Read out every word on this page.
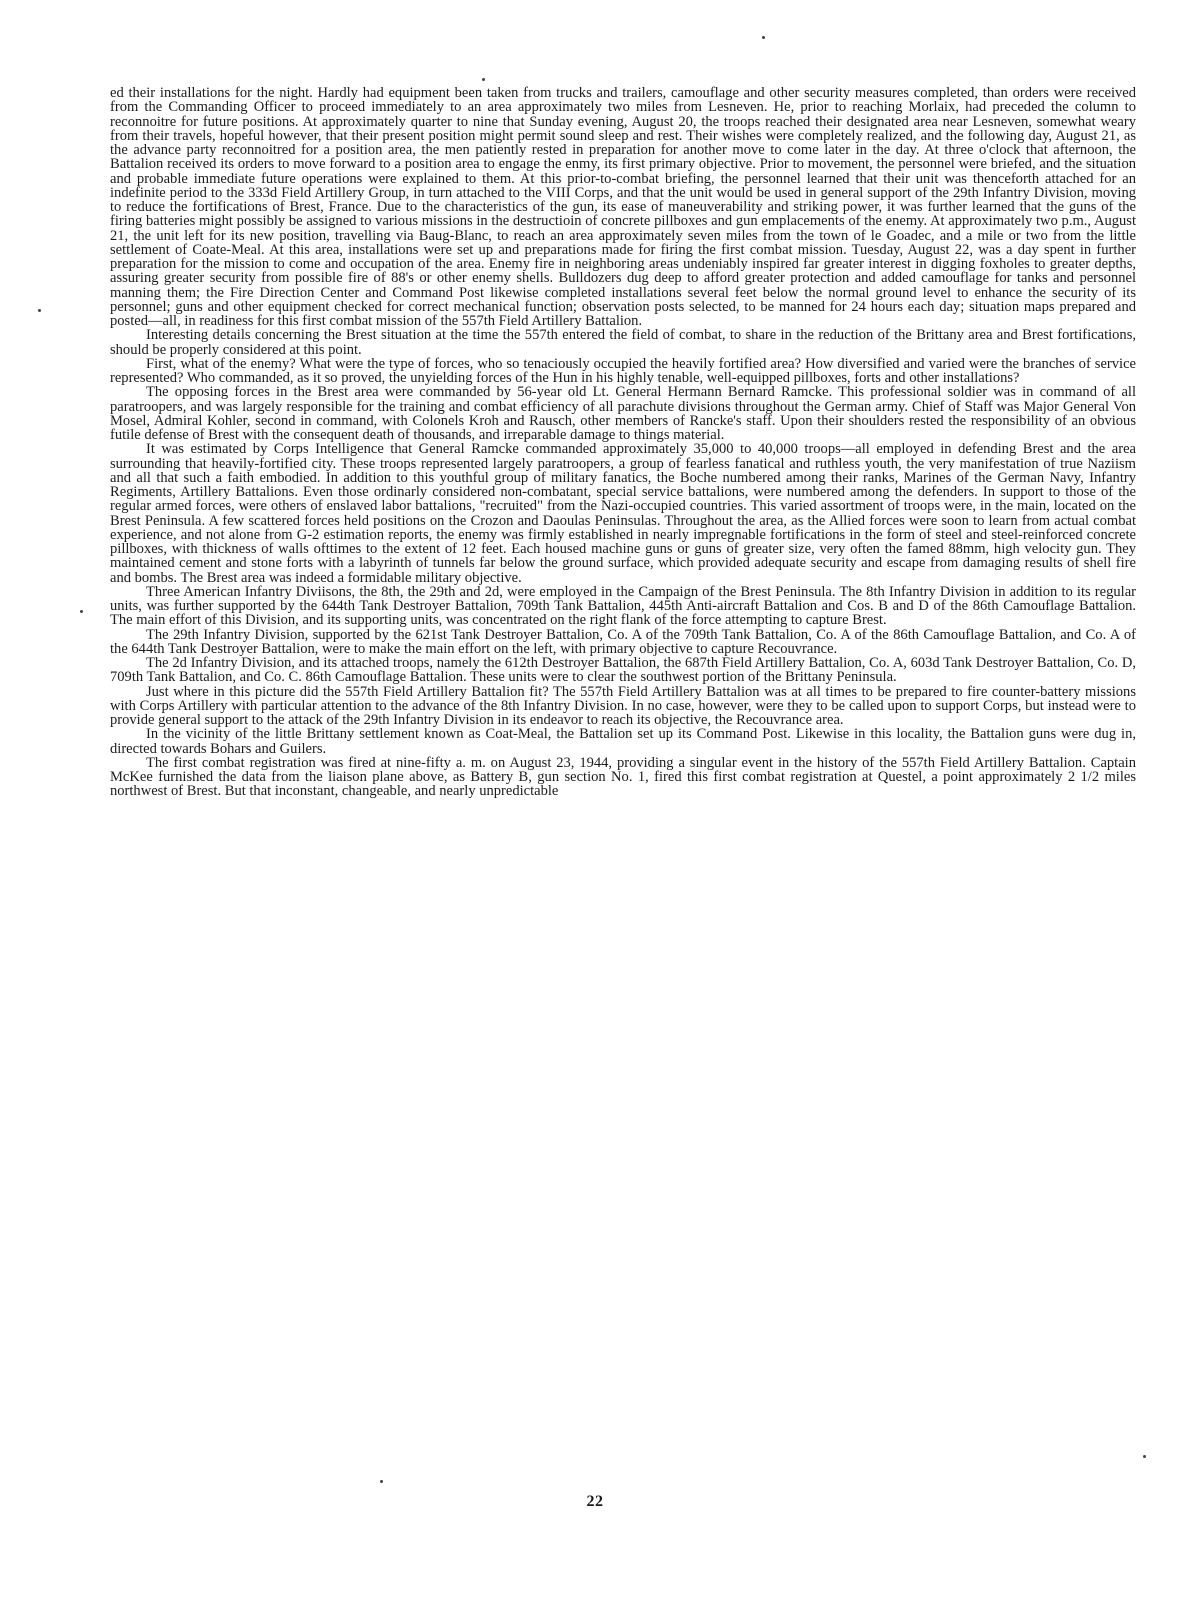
ed their installations for the night. Hardly had equipment been taken from trucks and trailers, camouflage and other security measures completed, than orders were received from the Commanding Officer to proceed immediately to an area approximately two miles from Lesneven. He, prior to reaching Morlaix, had preceded the column to reconnoitre for future positions. At approximately quarter to nine that Sunday evening, August 20, the troops reached their designated area near Lesneven, somewhat weary from their travels, hopeful however, that their present position might permit sound sleep and rest. Their wishes were completely realized, and the following day, August 21, as the advance party reconnoitred for a position area, the men patiently rested in preparation for another move to come later in the day. At three o'clock that afternoon, the Battalion received its orders to move forward to a position area to engage the enmy, its first primary objective. Prior to movement, the personnel were briefed, and the situation and probable immediate future operations were explained to them. At this prior-to-combat briefing, the personnel learned that their unit was thenceforth attached for an indefinite period to the 333d Field Artillery Group, in turn attached to the VIII Corps, and that the unit would be used in general support of the 29th Infantry Division, moving to reduce the fortifications of Brest, France. Due to the characteristics of the gun, its ease of maneuverability and striking power, it was further learned that the guns of the firing batteries might possibly be assigned to various missions in the destructioin of concrete pillboxes and gun emplacements of the enemy. At approximately two p.m., August 21, the unit left for its new position, travelling via Baug-Blanc, to reach an area approximately seven miles from the town of le Goadec, and a mile or two from the little settlement of Coate-Meal. At this area, installations were set up and preparations made for firing the first combat mission. Tuesday, August 22, was a day spent in further preparation for the mission to come and occupation of the area. Enemy fire in neighboring areas undeniably inspired far greater interest in digging foxholes to greater depths, assuring greater security from possible fire of 88's or other enemy shells. Bulldozers dug deep to afford greater protection and added camouflage for tanks and personnel manning them; the Fire Direction Center and Command Post likewise completed installations several feet below the normal ground level to enhance the security of its personnel; guns and other equipment checked for correct mechanical function; observation posts selected, to be manned for 24 hours each day; situation maps prepared and posted—all, in readiness for this first combat mission of the 557th Field Artillery Battalion.

Interesting details concerning the Brest situation at the time the 557th entered the field of combat, to share in the reduction of the Brittany area and Brest fortifications, should be properly considered at this point.

First, what of the enemy? What were the type of forces, who so tenaciously occupied the heavily fortified area? How diversified and varied were the branches of service represented? Who commanded, as it so proved, the unyielding forces of the Hun in his highly tenable, well-equipped pillboxes, forts and other installations?

The opposing forces in the Brest area were commanded by 56-year old Lt. General Hermann Bernard Ramcke. This professional soldier was in command of all paratroopers, and was largely responsible for the training and combat efficiency of all parachute divisions throughout the German army. Chief of Staff was Major General Von Mosel, Admiral Kohler, second in command, with Colonels Kroh and Rausch, other members of Rancke's staff. Upon their shoulders rested the responsibility of an obvious futile defense of Brest with the consequent death of thousands, and irreparable damage to things material.

It was estimated by Corps Intelligence that General Ramcke commanded approximately 35,000 to 40,000 troops—all employed in defending Brest and the area surrounding that heavily-fortified city. These troops represented largely paratroopers, a group of fearless fanatical and ruthless youth, the very manifestation of true Naziism and all that such a faith embodied. In addition to this youthful group of military fanatics, the Boche numbered among their ranks, Marines of the German Navy, Infantry Regiments, Artillery Battalions. Even those ordinarly considered non-combatant, special service battalions, were numbered among the defenders. In support to those of the regular armed forces, were others of enslaved labor battalions, "recruited" from the Nazi-occupied countries. This varied assortment of troops were, in the main, located on the Brest Peninsula. A few scattered forces held positions on the Crozon and Daoulas Peninsulas. Throughout the area, as the Allied forces were soon to learn from actual combat experience, and not alone from G-2 estimation reports, the enemy was firmly established in nearly impregnable fortifications in the form of steel and steel-reinforced concrete pillboxes, with thickness of walls ofttimes to the extent of 12 feet. Each housed machine guns or guns of greater size, very often the famed 88mm, high velocity gun. They maintained cement and stone forts with a labyrinth of tunnels far below the ground surface, which provided adequate security and escape from damaging results of shell fire and bombs. The Brest area was indeed a formidable military objective.

Three American Infantry Diviisons, the 8th, the 29th and 2d, were employed in the Campaign of the Brest Peninsula. The 8th Infantry Division in addition to its regular units, was further supported by the 644th Tank Destroyer Battalion, 709th Tank Battalion, 445th Anti-aircraft Battalion and Cos. B and D of the 86th Camouflage Battalion. The main effort of this Division, and its supporting units, was concentrated on the right flank of the force attempting to capture Brest.

The 29th Infantry Division, supported by the 621st Tank Destroyer Battalion, Co. A of the 709th Tank Battalion, Co. A of the 86th Camouflage Battalion, and Co. A of the 644th Tank Destroyer Battalion, were to make the main effort on the left, with primary objective to capture Recouvrance.

The 2d Infantry Division, and its attached troops, namely the 612th Destroyer Battalion, the 687th Field Artillery Battalion, Co. A, 603d Tank Destroyer Battalion, Co. D, 709th Tank Battalion, and Co. C. 86th Camouflage Battalion. These units were to clear the southwest portion of the Brittany Peninsula.

Just where in this picture did the 557th Field Artillery Battalion fit? The 557th Field Artillery Battalion was at all times to be prepared to fire counter-battery missions with Corps Artillery with particular attention to the advance of the 8th Infantry Division. In no case, however, were they to be called upon to support Corps, but instead were to provide general support to the attack of the 29th Infantry Division in its endeavor to reach its objective, the Recouvrance area.

In the vicinity of the little Brittany settlement known as Coat-Meal, the Battalion set up its Command Post. Likewise in this locality, the Battalion guns were dug in, directed towards Bohars and Guilers.

The first combat registration was fired at nine-fifty a. m. on August 23, 1944, providing a singular event in the history of the 557th Field Artillery Battalion. Captain McKee furnished the data from the liaison plane above, as Battery B, gun section No. 1, fired this first combat registration at Questel, a point approximately 2 1/2 miles northwest of Brest. But that inconstant, changeable, and nearly unpredictable

22
